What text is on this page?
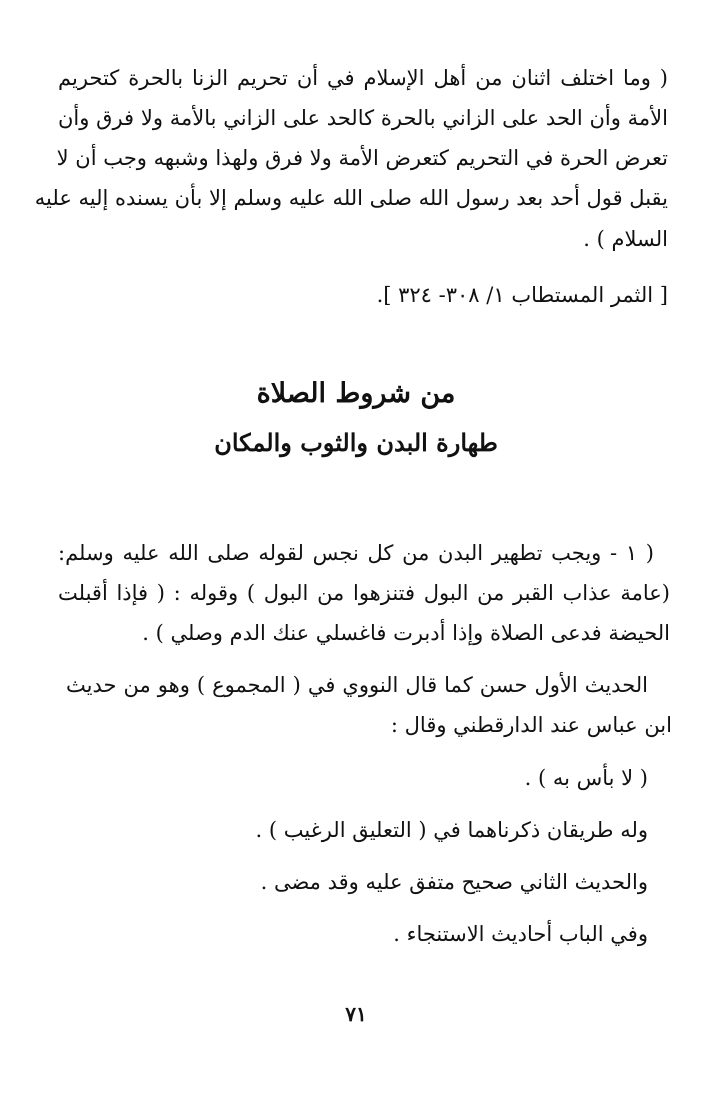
( وما اختلف اثنان من أهل الإسلام في أن تحريم الزنا بالحرة كتحريم
الأمة وأن الحد على الزاني بالحرة كالحد على الزاني بالأمة ولا فرق وأن
تعرض الحرة في التحريم كتعرض الأمة ولا فرق ولهذا وشبهه وجب أن لا
يقبل قول أحد بعد رسول الله صلى الله عليه وسلم إلا بأن يسنده إليه عليه
السلام ) .
[ الثمر المستطاب ١/ ٣٠٨- ٣٢٤ ].
من شروط الصلاة
طهارة البدن والثوب والمكان
( ١ - ويجب تطهير البدن من كل نجس لقوله صلى الله عليه وسلم:
(عامة عذاب القبر من البول فتنزهوا من البول ) وقوله : ( فإذا أقبلت
الحيضة فدعى الصلاة وإذا أدبرت فاغسلي عنك الدم وصلي ) .
الحديث الأول حسن كما قال النووي في ( المجموع ) وهو من حديث
ابن عباس عند الدارقطني وقال :
( لا بأس به ) .
وله طريقان ذكرناهما في ( التعليق الرغيب ) .
والحديث الثاني صحيح متفق عليه وقد مضى .
وفي الباب أحاديث الاستنجاء .
٧١
